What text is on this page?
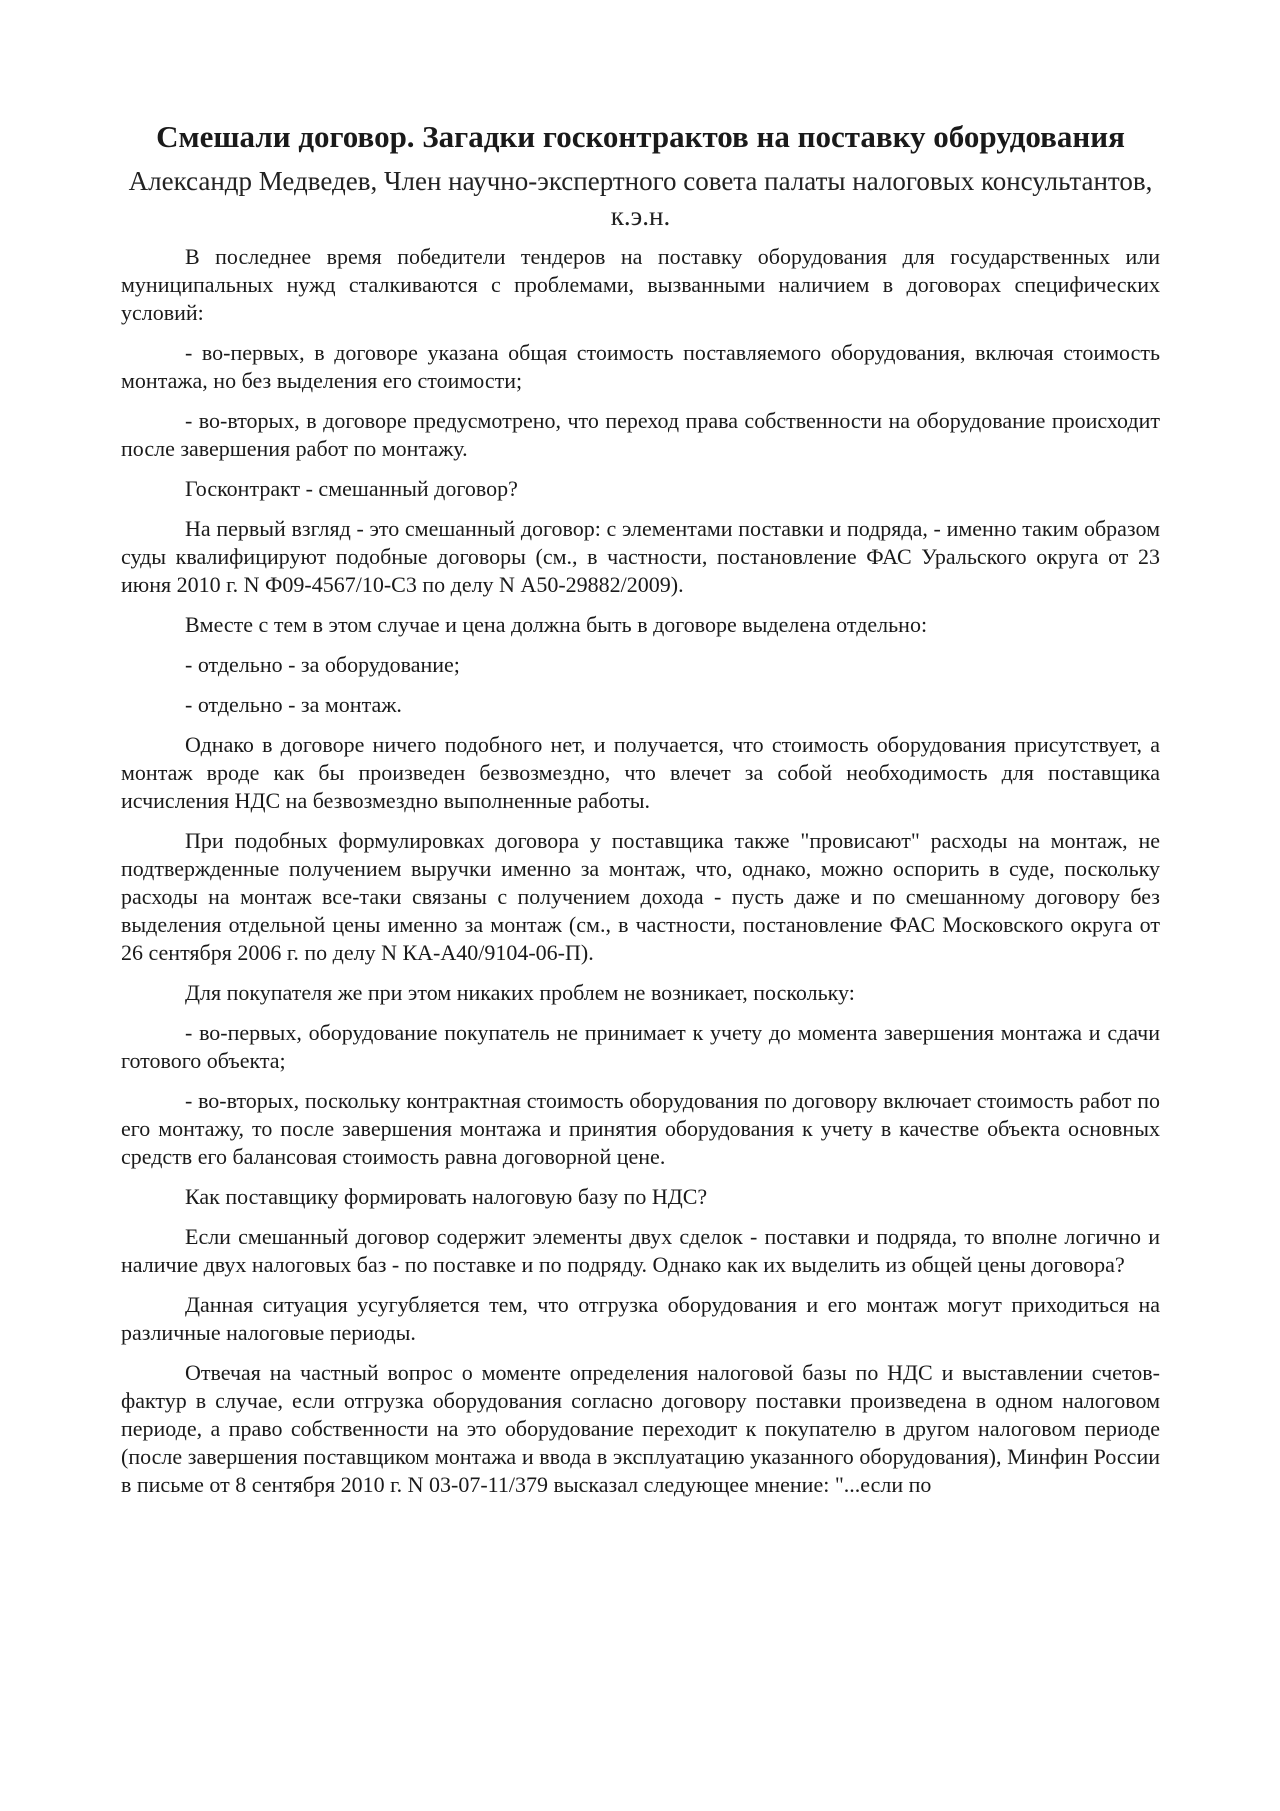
Смешали договор. Загадки госконтрактов на поставку оборудования
Александр Медведев, Член научно-экспертного совета палаты налоговых консультантов, к.э.н.

В последнее время победители тендеров на поставку оборудования для государственных или муниципальных нужд сталкиваются с проблемами, вызванными наличием в договорах специфических условий:

- во-первых, в договоре указана общая стоимость поставляемого оборудования, включая стоимость монтажа, но без выделения его стоимости;

- во-вторых, в договоре предусмотрено, что переход права собственности на оборудование происходит после завершения работ по монтажу.

Госконтракт - смешанный договор?

На первый взгляд - это смешанный договор: с элементами поставки и подряда, - именно таким образом суды квалифицируют подобные договоры (см., в частности, постановление ФАС Уральского округа от 23 июня 2010 г. N Ф09-4567/10-С3 по делу N А50-29882/2009).

Вместе с тем в этом случае и цена должна быть в договоре выделена отдельно:

- отдельно - за оборудование;

- отдельно - за монтаж.

Однако в договоре ничего подобного нет, и получается, что стоимость оборудования присутствует, а монтаж вроде как бы произведен безвозмездно, что влечет за собой необходимость для поставщика исчисления НДС на безвозмездно выполненные работы.

При подобных формулировках договора у поставщика также "провисают" расходы на монтаж, не подтвержденные получением выручки именно за монтаж, что, однако, можно оспорить в суде, поскольку расходы на монтаж все-таки связаны с получением дохода - пусть даже и по смешанному договору без выделения отдельной цены именно за монтаж (см., в частности, постановление ФАС Московского округа от 26 сентября 2006 г. по делу N КА-А40/9104-06-П).

Для покупателя же при этом никаких проблем не возникает, поскольку:

- во-первых, оборудование покупатель не принимает к учету до момента завершения монтажа и сдачи готового объекта;

- во-вторых, поскольку контрактная стоимость оборудования по договору включает стоимость работ по его монтажу, то после завершения монтажа и принятия оборудования к учету в качестве объекта основных средств его балансовая стоимость равна договорной цене.

Как поставщику формировать налоговую базу по НДС?

Если смешанный договор содержит элементы двух сделок - поставки и подряда, то вполне логично и наличие двух налоговых баз - по поставке и по подряду. Однако как их выделить из общей цены договора?

Данная ситуация усугубляется тем, что отгрузка оборудования и его монтаж могут приходиться на различные налоговые периоды.

Отвечая на частный вопрос о моменте определения налоговой базы по НДС и выставлении счетов-фактур в случае, если отгрузка оборудования согласно договору поставки произведена в одном налоговом периоде, а право собственности на это оборудование переходит к покупателю в другом налоговом периоде (после завершения поставщиком монтажа и ввода в эксплуатацию указанного оборудования), Минфин России в письме от 8 сентября 2010 г. N 03-07-11/379 высказал следующее мнение: "...если по
